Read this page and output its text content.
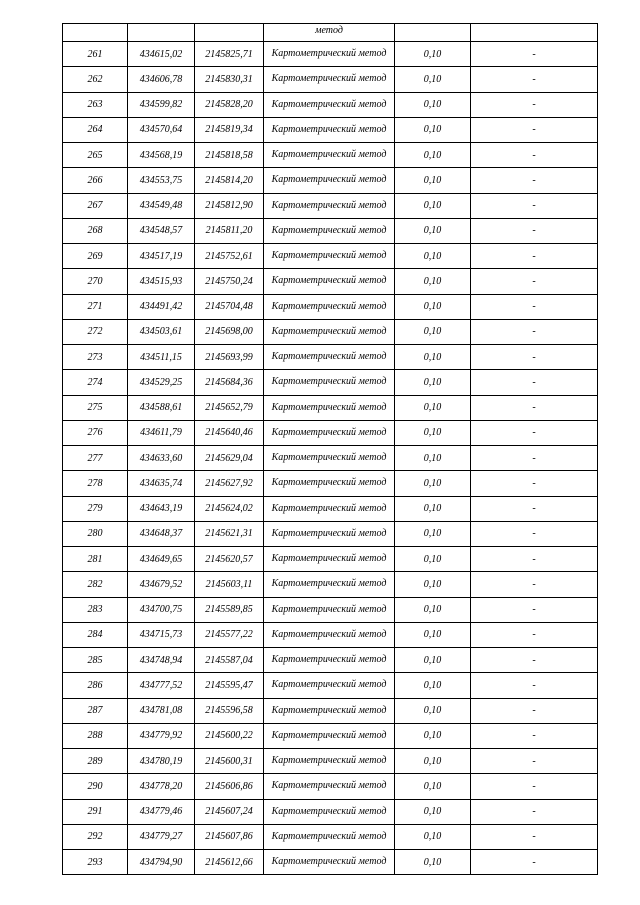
			метод		

261	434615,02	2145825,71	Картометрический метод	0,10	-
262	434606,78	2145830,31	Картометрический метод	0,10	-
263	434599,82	2145828,20	Картометрический метод	0,10	-
264	434570,64	2145819,34	Картометрический метод	0,10	-
265	434568,19	2145818,58	Картометрический метод	0,10	-
266	434553,75	2145814,20	Картометрический метод	0,10	-
267	434549,48	2145812,90	Картометрический метод	0,10	-
268	434548,57	2145811,20	Картометрический метод	0,10	-
269	434517,19	2145752,61	Картометрический метод	0,10	-
270	434515,93	2145750,24	Картометрический метод	0,10	-
271	434491,42	2145704,48	Картометрический метод	0,10	-
272	434503,61	2145698,00	Картометрический метод	0,10	-
273	434511,15	2145693,99	Картометрический метод	0,10	-
274	434529,25	2145684,36	Картометрический метод	0,10	-
275	434588,61	2145652,79	Картометрический метод	0,10	-
276	434611,79	2145640,46	Картометрический метод	0,10	-
277	434633,60	2145629,04	Картометрический метод	0,10	-
278	434635,74	2145627,92	Картометрический метод	0,10	-
279	434643,19	2145624,02	Картометрический метод	0,10	-
280	434648,37	2145621,31	Картометрический метод	0,10	-
281	434649,65	2145620,57	Картометрический метод	0,10	-
282	434679,52	2145603,11	Картометрический метод	0,10	-
283	434700,75	2145589,85	Картометрический метод	0,10	-
284	434715,73	2145577,22	Картометрический метод	0,10	-
285	434748,94	2145587,04	Картометрический метод	0,10	-
286	434777,52	2145595,47	Картометрический метод	0,10	-
287	434781,08	2145596,58	Картометрический метод	0,10	-
288	434779,92	2145600,22	Картометрический метод	0,10	-
289	434780,19	2145600,31	Картометрический метод	0,10	-
290	434778,20	2145606,86	Картометрический метод	0,10	-
291	434779,46	2145607,24	Картометрический метод	0,10	-
292	434779,27	2145607,86	Картометрический метод	0,10	-
293	434794,90	2145612,66	Картометрический метод	0,10	-
